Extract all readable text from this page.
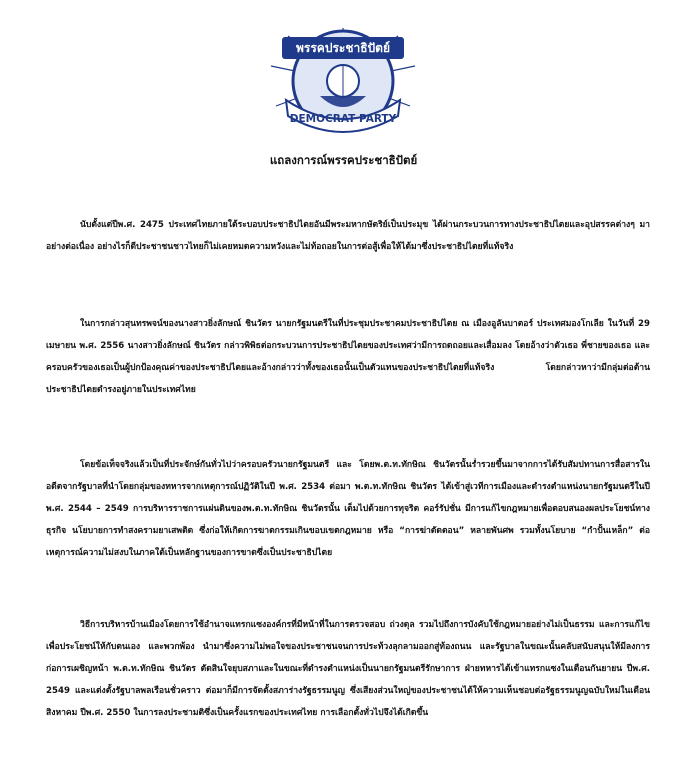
พรรคประชาธิปัตย์
DEMOCRAT PARTY
แถลงการณ์พรรคประชาธิปัตย์
นับตั้งแต่ปีพ.ศ. 2475 ประเทศไทยภายใต้ระบอบประชาธิปไตยอันมีพระมหากษัตริย์เป็นประมุข ได้ผ่านกระบวนการทางประชาธิปไตยและอุปสรรคต่างๆ มาอย่างต่อเนื่อง อย่างไรก็ดีประชาชนชาวไทยก็ไม่เคยหมดความหวังและไม่ท้อถอยในการต่อสู้เพื่อให้ได้มาซึ่งประชาธิปไตยที่แท้จริง
ในการกล่าวสุนทรพจน์ของนางสาวยิ่งลักษณ์ ชินวัตร นายกรัฐมนตรีในที่ประชุมประชาคมประชาธิปไตย ณ เมืองอูลันบาตอร์ ประเทศมองโกเลีย ในวันที่ 29 เมษายน พ.ศ. 2556 นางสาวยิ่งลักษณ์ ชินวัตร กล่าวพิพิธต่อกระบวนการประชาธิปไตยของประเทศว่ามีการถดถอยและเสื่อมลง โดยอ้างว่าตัวเธอ พี่ชายของเธอ และครอบครัวของเธอเป็นผู้ปกป้องคุณค่าของประชาธิปไตยและอ้างกล่าวว่าทั้งของเธอนั้นเป็นตัวแทนของประชาธิปไตยที่แท้จริง โดยกล่าวหาว่ามีกลุ่มต่อต้านประชาธิปไตยดำรงอยู่ภายในประเทศไทย
โดยข้อเท็จจริงแล้วเป็นที่ประจักษ์กันทั่วไปว่าครอบครัวนายกรัฐมนตรี และ โดยพ.ต.ท.ทักษิณ ชินวัตรนั้นร่ำรวยขึ้นมาจากการได้รับสัมปทานการสื่อสารในอดีตจากรัฐบาลที่นำโดยกลุ่มของทหารจากเหตุการณ์ปฏิวัติในปี พ.ศ. 2534 ต่อมา พ.ต.ท.ทักษิณ ชินวัตร ได้เข้าสู่เวทีการเมืองและดำรงตำแหน่งนายกรัฐมนตรีในปี พ.ศ. 2544 – 2549 การบริหารราชการแผ่นดินของพ.ต.ท.ทักษิณ ชินวัตรนั้น เต็มไปด้วยการทุจริต คอร์รัปชั่น มีการแก้ไขกฎหมายเพื่อตอบสนองผลประโยชน์ทางธุรกิจ นโยบายการทำสงครามยาเสพติด ซึ่งก่อให้เกิดการฆาตกรรมเกินขอบเขตกฎหมาย หรือ “การฆ่าตัดตอน” หลายพันศพ รวมทั้งนโยบาย “กำปั้นเหล็ก” ต่อเหตุการณ์ความไม่สงบในภาคใต้เป็นหลักฐานของการขาดซึ่งเป็นประชาธิปไตย
วิธีการบริหารบ้านเมืองโดยการใช้อำนาจแทรกแซงองค์กรที่มีหน้าที่ในการตรวจสอบ ถ่วงดุล รวมไปถึงการบังคับใช้กฎหมายอย่างไม่เป็นธรรม และการแก้ไขเพื่อประโยชน์ให้กับตนเอง และพวกพ้อง นำมาซึ่งความไม่พอใจของประชาชนจนการประท้วงลุกลามออกสู่ท้องถนน และรัฐบาลในขณะนั้นคลับสนับสนุนให้มีลงการก่อการเผชิญหน้า พ.ต.ท.ทักษิณ ชินวัตร ตัดสินใจยุบสภาและในขณะที่ดำรงตำแหน่งเป็นนายกรัฐมนตรีรักษาการ ฝ่ายทหารได้เข้าแทรกแซงในเดือนกันยายน ปีพ.ศ. 2549 และแต่งตั้งรัฐบาลพลเรือนชั่วคราว ต่อมาก็มีการจัดตั้งสภาร่างรัฐธรรมนูญ ซึ่งเสียงส่วนใหญ่ของประชาชนได้ให้ความเห็นชอบต่อรัฐธรรมนูญฉบับใหม่ในเดือนสิงหาคม ปีพ.ศ. 2550 ในการลงประชามติซึ่งเป็นครั้งแรกของประเทศไทย การเลือกตั้งทั่วไปจึงได้เกิดขึ้น
